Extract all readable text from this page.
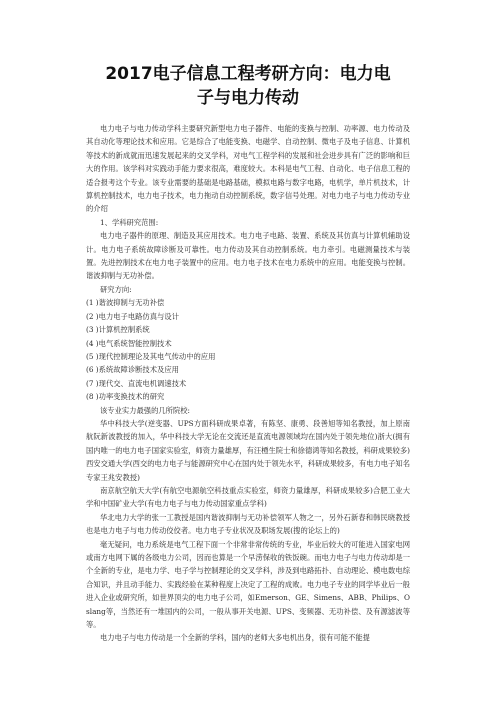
2017电子信息工程考研方向：电力电
子与电力传动

电力电子与电力传动学科主要研究新型电力电子器件、电能的变换与控制、功率源、电力传动及其自动化等理论技术和应用。它是综合了电能变换、电磁学、自动控制、微电子及电子信息、计算机等技术的新成就而迅速发展起来的交叉学科，对电气工程学科的发展和社会进步具有广泛的影响和巨大的作用。该学科对实践动手能力要求很高，难度较大。本科是电气工程、自动化、电子信息工程的适合报考这个专业。该专业需要的基础是电路基础，模拟电路与数字电路，电机学，单片机技术，计算机控制技术，电力电子技术，电力拖动自动控制系统，数字信号处理。对电力电子与电力传动专业的介绍

1、学科研究范围:

电力电子器件的原理、制造及其应用技术。电力电子电路、装置、系统及其仿真与计算机辅助设计。电力电子系统故障诊断及可靠性。电力传动及其自动控制系统。电力牵引。电磁测量技术与装置。先进控制技术在电力电子装置中的应用。电力电子技术在电力系统中的应用。电能变换与控制。谐波抑制与无功补偿。

研究方向:

(1 )谐波抑制与无功补偿

(2 )电力电子电路仿真与设计

(3 )计算机控制系统

(4 )电气系统智能控制技术

(5 )现代控制理论及其电气传动中的应用

(6 )系统故障诊断技术及应用

(7 )现代交、直流电机调速技术

(8 )功率变换技术的研究

该专业实力最强的几所院校:

华中科技大学(逆变器、UPS方面科研成果卓著，有陈坚、康勇、段善旭等知名教授，加上原南航阮新波教授的加入，华中科技大学无论在交流还是直流电源领域均在国内处于领先地位)浙大(拥有国内唯一的电力电子国家实验室，师资力量雄厚，有汪槱生院士和徐德鸿等知名教授，科研成果较多)西安交通大学(西交的电力电子与能源研究中心在国内处于领先水平，科研成果较多，有电力电子知名专家王兆安教授)

南京航空航天大学(有航空电源航空科技重点实验室，师资力量雄厚，科研成果较多)合肥工业大学和中国矿业大学(有电力电子与电力传动国家重点学科)

华北电力大学的张一工教授是国内谐波抑制与无功补偿领军人物之一，另外石新春和韩民晓教授也是电力电子与电力传动佼佼者。电力电子专业状况及职场发展(搜的论坛上的)

毫无疑问，电力系统是电气工程下面一个非常非常传统的专业，毕业后较大的可能进入国家电网或南方电网下属的各级电力公司，因而也算是一个早涝保收的铁饭碗。而电力电子与电力传动却是一个全新的专业，是电力学、电子学与控制理论的交叉学科，涉及到电路拓扑、自动理论、模电数电综合知识，并且动手能力、实践经验在某种程度上决定了工程的成败。电力电子专业的同学毕业后一般进入企业或研究所，如世界顶尖的电力电子公司，如Emerson、GE、Simens、ABB、Philips、Oslang等，当然还有一堆国内的公司，一般从事开关电源、UPS、变频器、无功补偿、及有源滤波等等。

电力电子与电力传动是一个全新的学科，国内的老师大多电机出身，很有可能不能提
